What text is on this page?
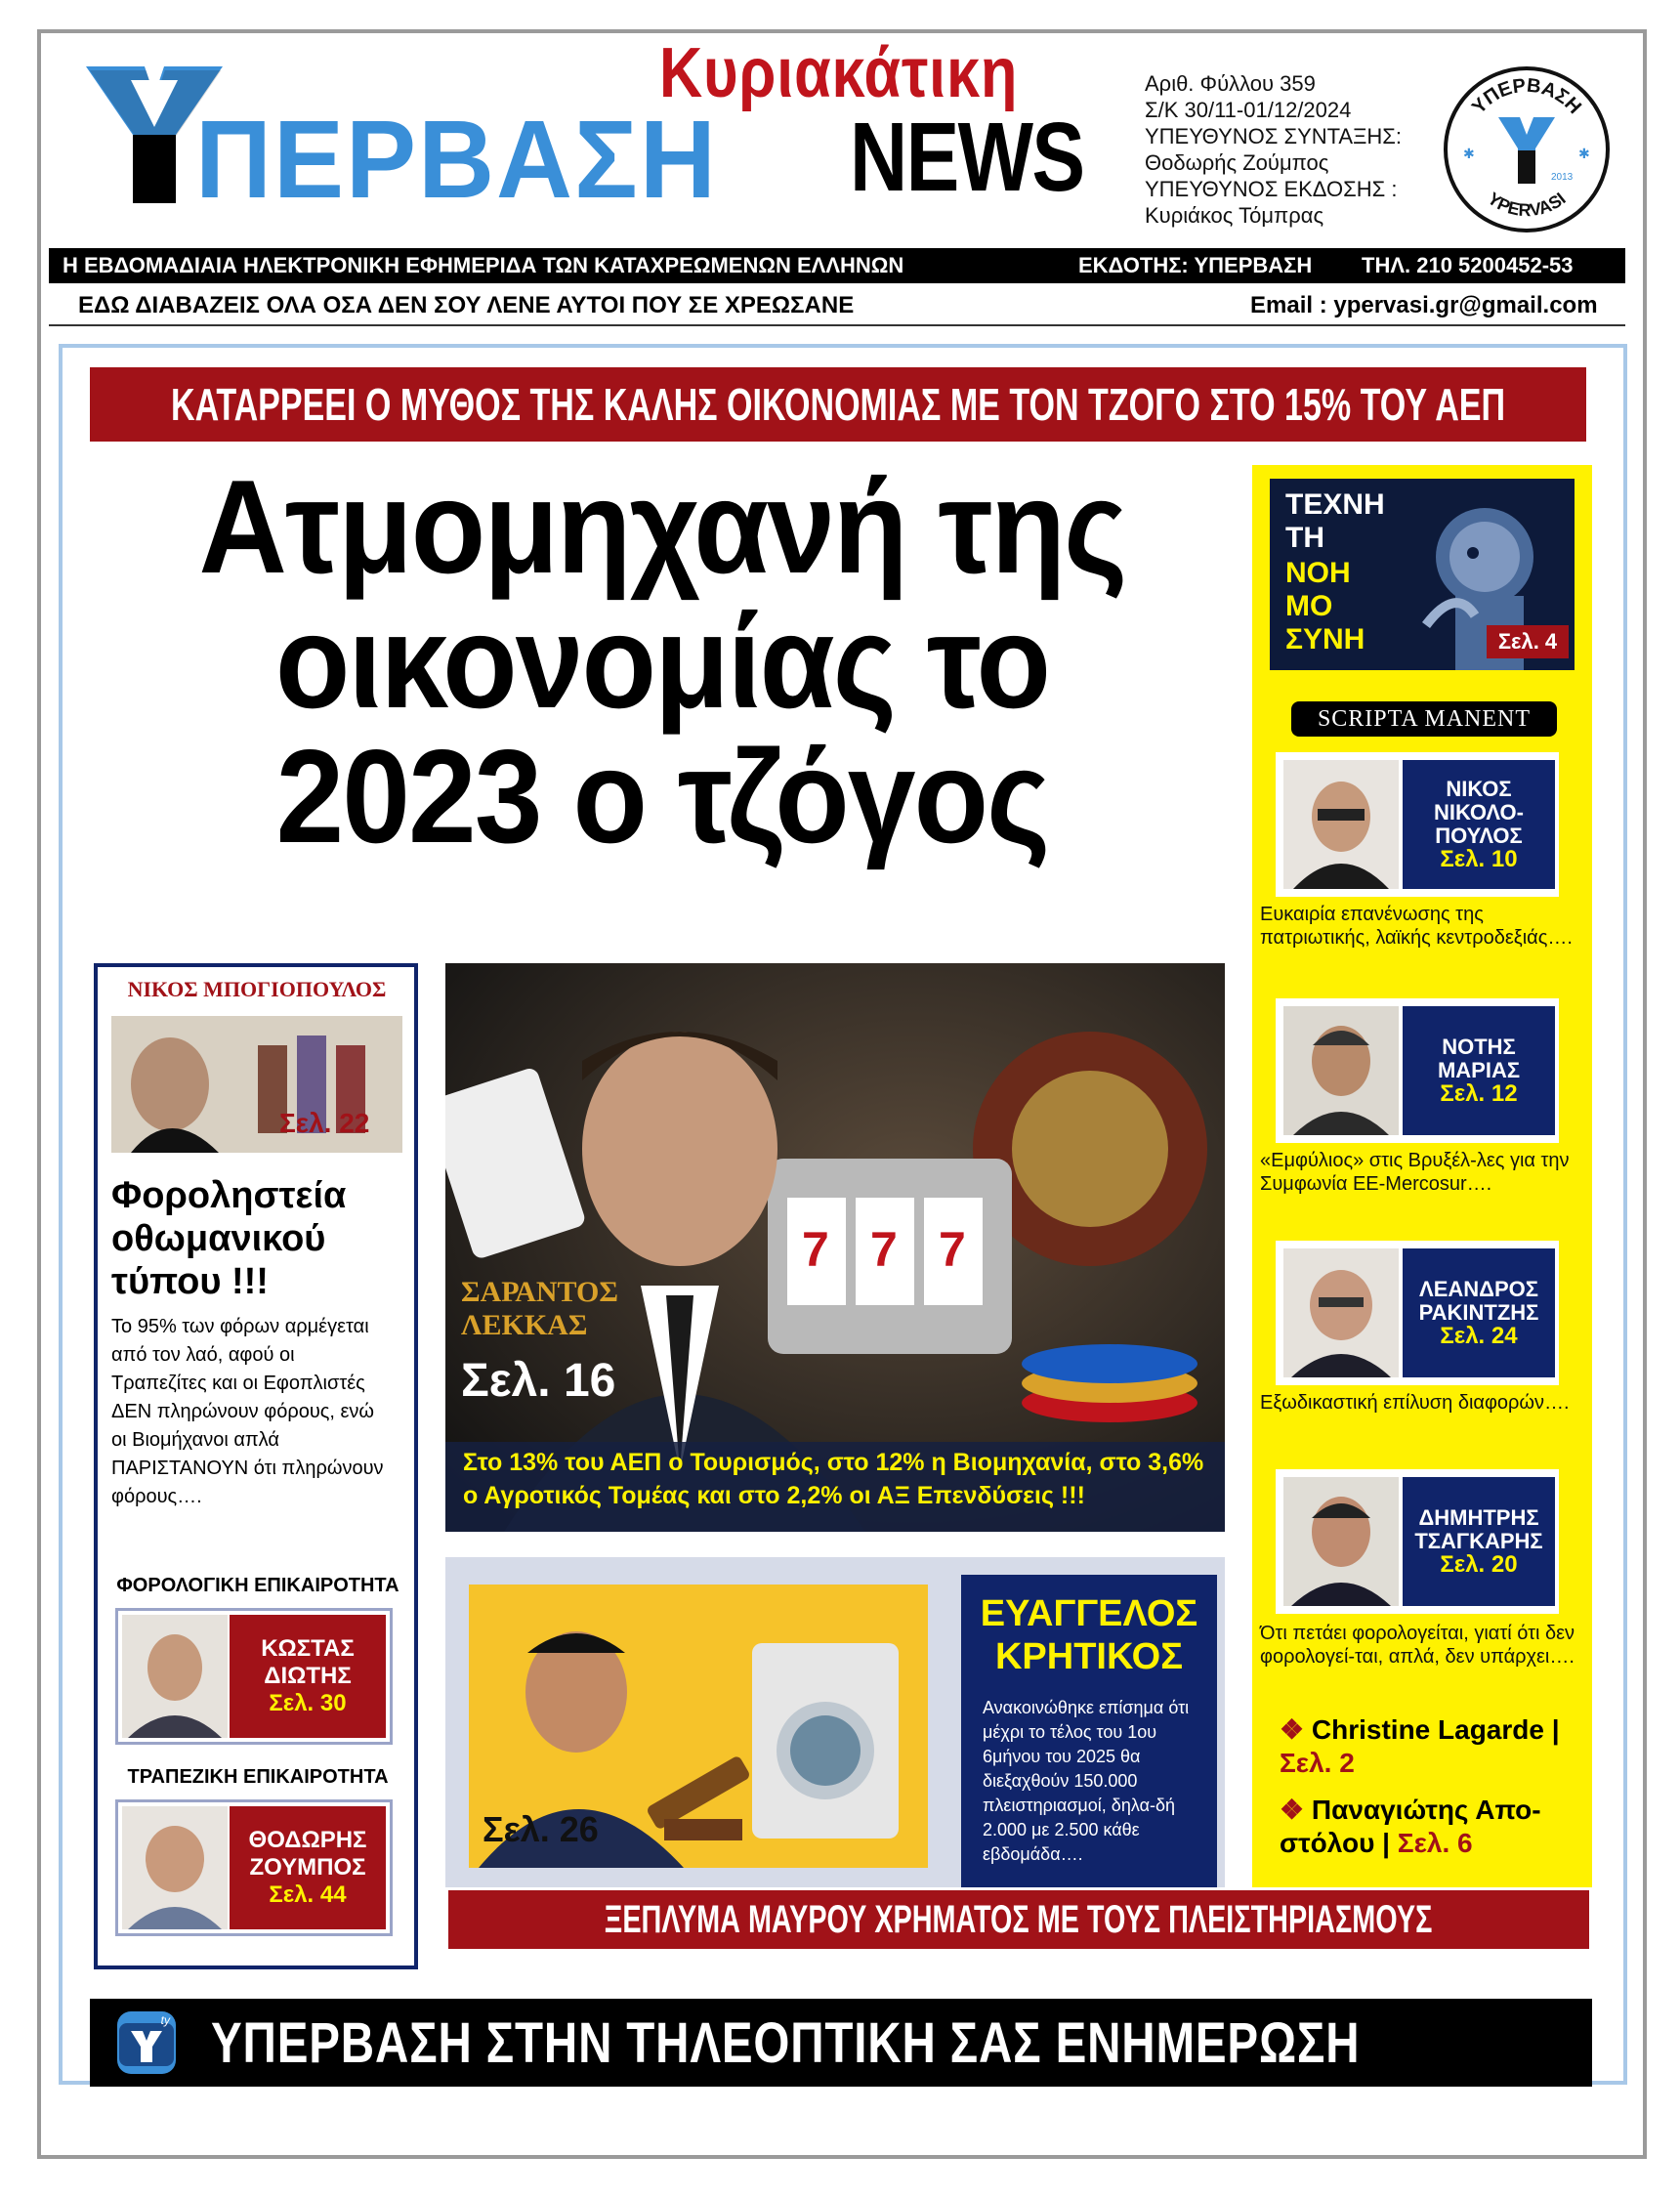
Κυριακάτικη
ΠΕΡΒΑΣΗ NEWS
Αριθ. Φύλλου 359
Σ/Κ 30/11-01/12/2024
ΥΠΕΥΘΥΝΟΣ ΣΥΝΤΑΞΗΣ:
Θοδωρής Ζούμπος
ΥΠΕΥΘΥΝΟΣ ΕΚΔΟΣΗΣ :
Κυριάκος Τόμπρας
ΥΠΕΡΒΑΣΗ
YPERVASI
✱	✱
2013
Η ΕΒΔΟΜΑΔΙΑΙΑ ΗΛΕΚΤΡΟΝΙΚΗ ΕΦΗΜΕΡΙΔΑ ΤΩΝ ΚΑΤΑΧΡΕΩΜΕΝΩΝ ΕΛΛΗΝΩΝ	ΕΚΔΟΤΗΣ: ΥΠΕΡΒΑΣΗ	ΤΗΛ. 210 5200452-53
ΕΔΩ ΔΙΑΒΑΖΕΙΣ ΟΛΑ ΟΣΑ ΔΕΝ ΣΟΥ ΛΕΝΕ ΑΥΤΟΙ ΠΟΥ ΣΕ ΧΡΕΩΣΑΝΕ	Email : ypervasi.gr@gmail.com
ΚΑΤΑΡΡΕΕΙ Ο ΜΥΘΟΣ ΤΗΣ ΚΑΛΗΣ ΟΙΚΟΝΟΜΙΑΣ ΜΕ ΤΟΝ ΤΖΟΓΟ ΣΤΟ 15% ΤΟΥ ΑΕΠ
Ατμομηχανή της
οικονομίας το
2023 ο τζόγος
ΤΕΧΝΗ
ΤΗ
ΝΟΗ
ΜΟ
ΣΥΝΗ	Σελ. 4
SCRIPTA MANENT
ΝΙΚΟΣ
ΝΙΚΟΛΟ-
ΠΟΥΛΟΣ
Σελ. 10
Ευκαιρία επανένωσης της πατριωτικής, λαϊκής κεντροδεξιάς….
ΝΟΤΗΣ
ΜΑΡΙΑΣ
Σελ. 12
«Εμφύλιος» στις Βρυξέλ-λες για την Συμφωνία ΕΕ-Mercosur….
ΛΕΑΝΔΡΟΣ
ΡΑΚΙΝΤΖΗΣ
Σελ. 24
Εξωδικαστική επίλυση διαφορών….
ΔΗΜΗΤΡΗΣ
ΤΣΑΓΚΑΡΗΣ
Σελ. 20
Ότι πετάει φορολογείται, γιατί ότι δεν φορολογεί-ται, απλά, δεν υπάρχει….
❖ Christine Lagarde | Σελ. 2
❖ Παναγιώτης Απο-στόλου | Σελ. 6
ΝΙΚΟΣ ΜΠΟΓΙΟΠΟΥΛΟΣ
Σελ. 22
Φοροληστεία οθωμανικού τύπου !!!
Το 95% των φόρων αρμέγεται από τον λαό, αφού οι Τραπεζίτες και οι Εφοπλιστές ΔΕΝ πληρώνουν φόρους, ενώ οι Βιομήχανοι απλά ΠΑΡΙΣΤΑΝΟΥΝ ότι πληρώνουν φόρους….
ΦΟΡΟΛΟΓΙΚΗ ΕΠΙΚΑΙΡΟΤΗΤΑ
ΚΩΣΤΑΣ
ΔΙΩΤΗΣ
Σελ. 30
ΤΡΑΠΕΖΙΚΗ ΕΠΙΚΑΙΡΟΤΗΤΑ
ΘΟΔΩΡΗΣ
ΖΟΥΜΠΟΣ
Σελ. 44
7 7 7
ΣΑΡΑΝΤΟΣ
ΛΕΚΚΑΣ
Σελ. 16
Στο 13% του ΑΕΠ ο Τουρισμός, στο 12% η Βιομηχανία, στο 3,6% ο Αγροτικός Τομέας και στο 2,2% οι ΑΞ Επενδύσεις !!!
Σελ. 26
ΕΥΑΓΓΕΛΟΣ
ΚΡΗΤΙΚΟΣ
Ανακοινώθηκε επίσημα ότι μέχρι το τέλος του 1ου 6μήνου του 2025 θα διεξαχθούν 150.000 πλειστηριασμοί, δηλα-δή 2.000 με 2.500 κάθε εβδομάδα….
ΞΕΠΛΥΜΑ ΜΑΥΡΟΥ ΧΡΗΜΑΤΟΣ ΜΕ ΤΟΥΣ ΠΛΕΙΣΤΗΡΙΑΣΜΟΥΣ
ty ΥΠΕΡΒΑΣΗ ΣΤΗΝ ΤΗΛΕΟΠΤΙΚΗ ΣΑΣ ΕΝΗΜΕΡΩΣΗ
